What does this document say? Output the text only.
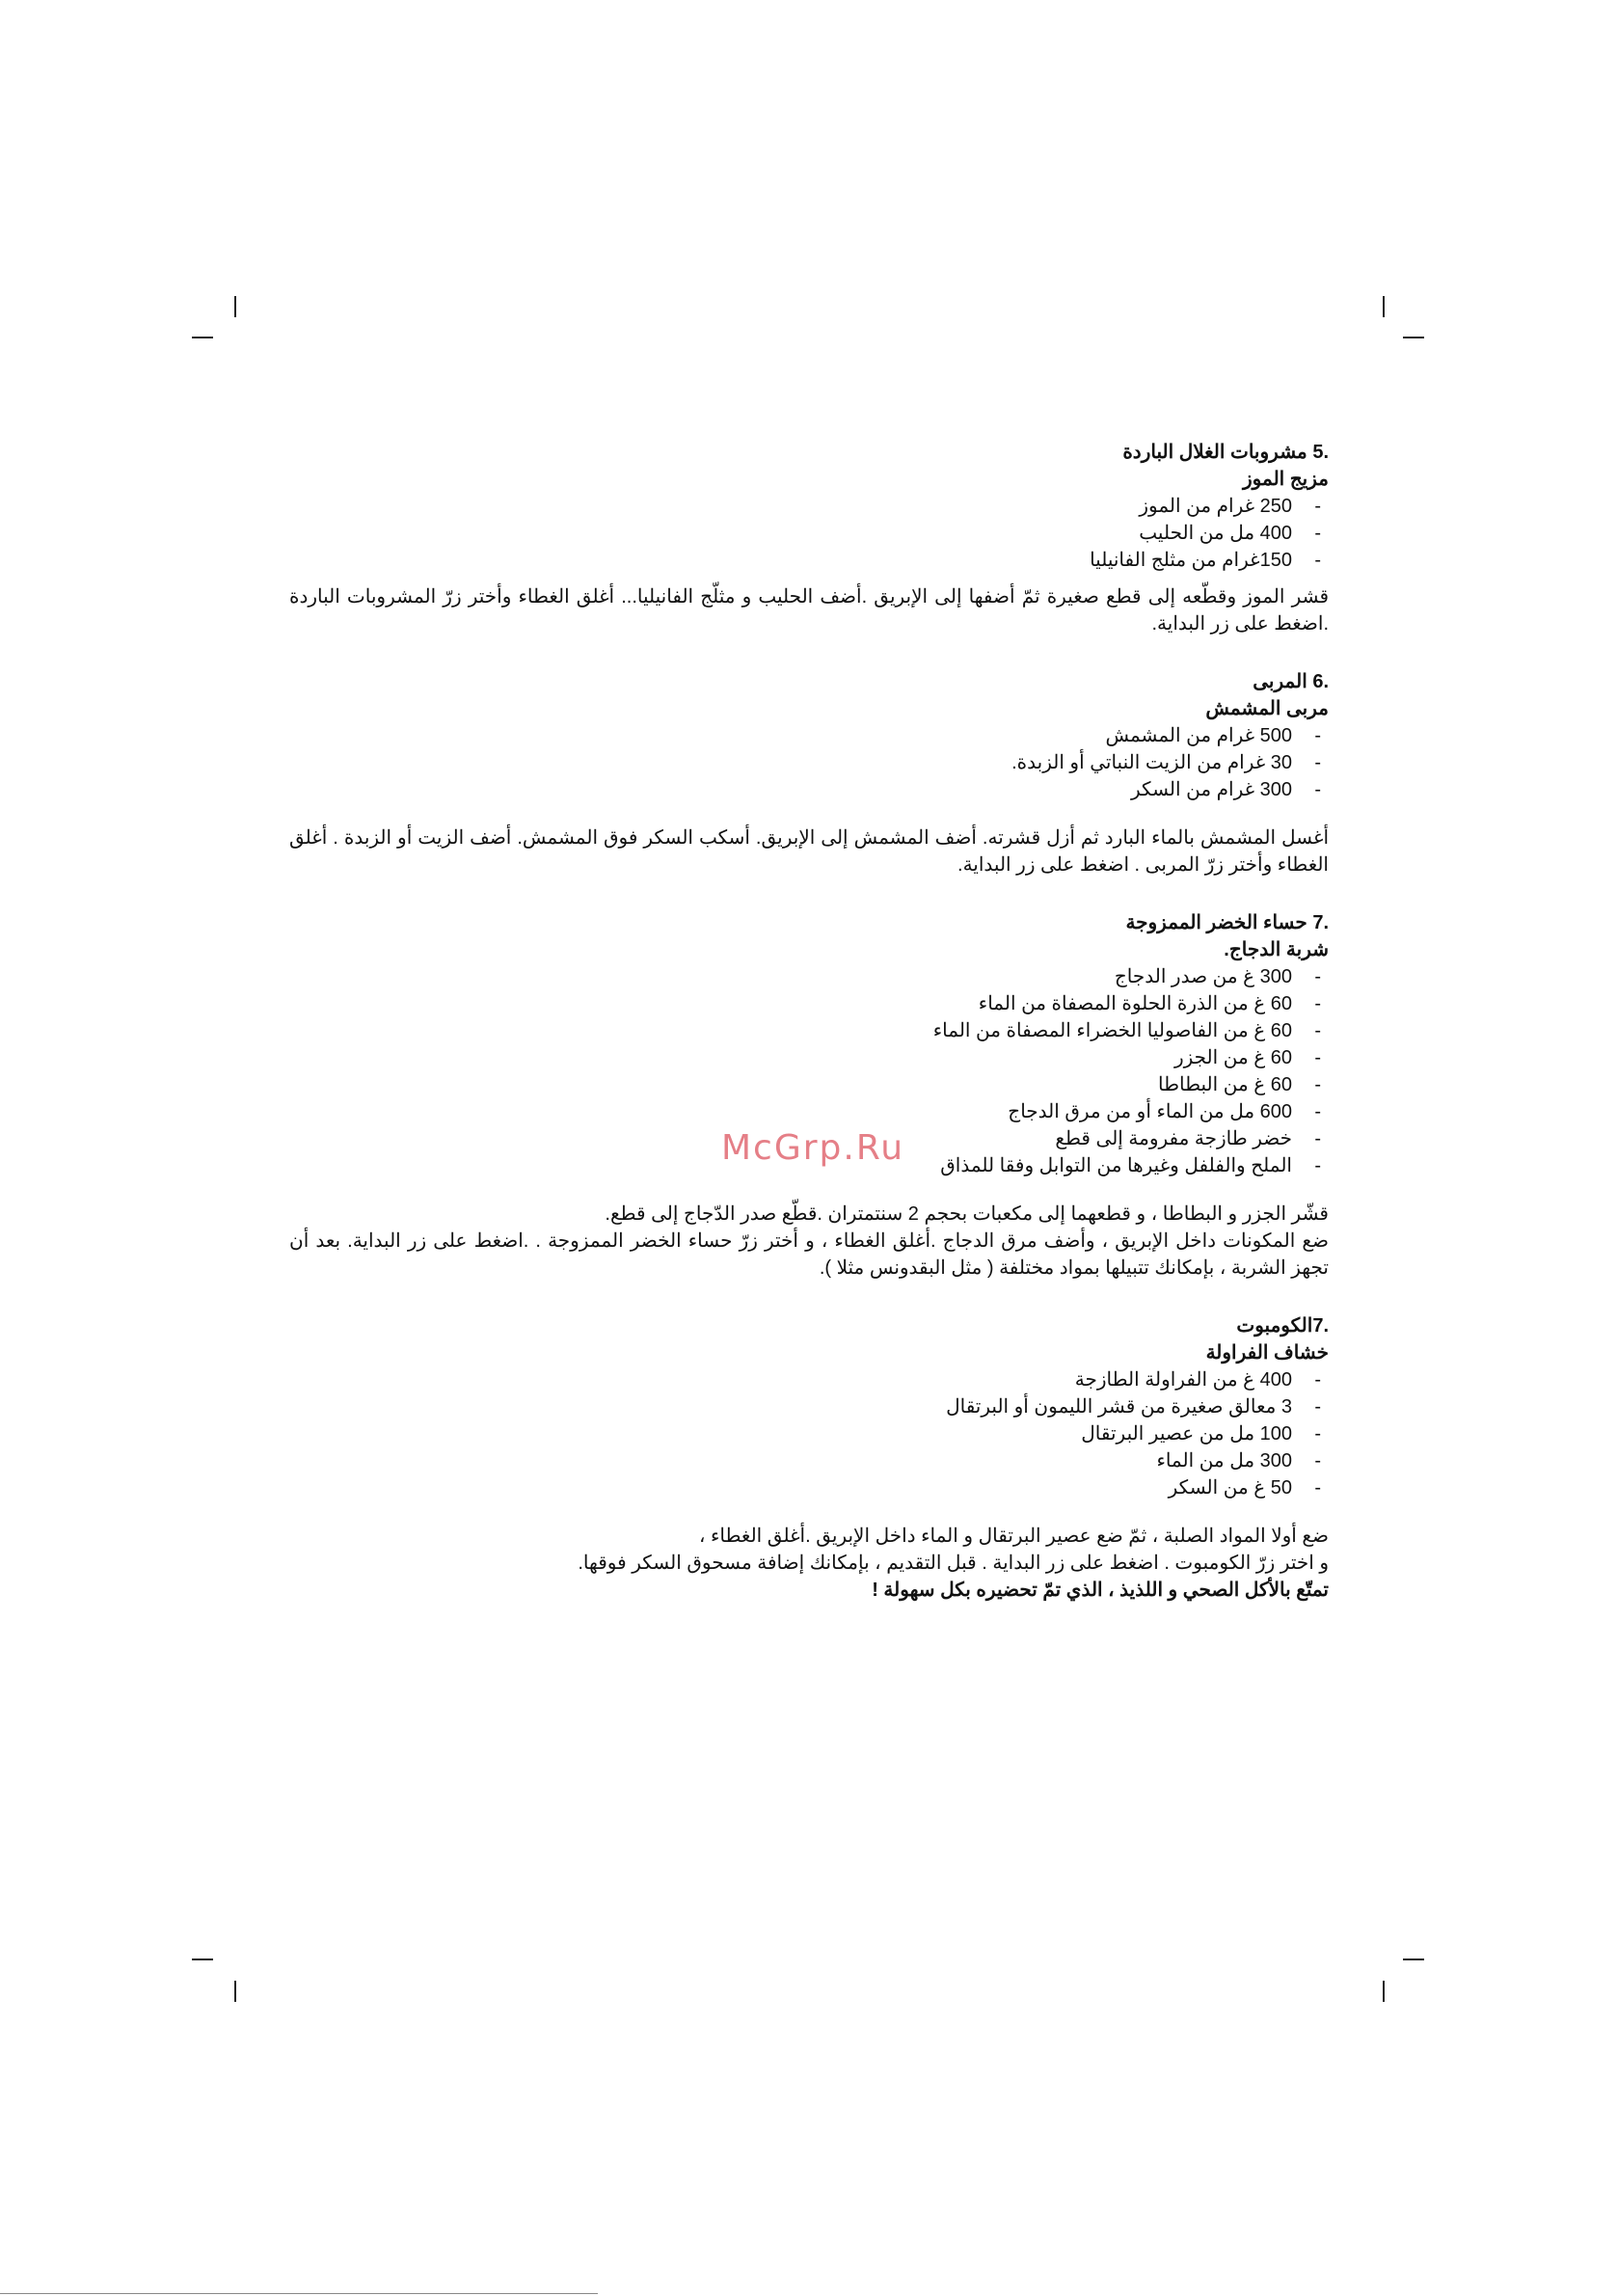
.5 مشروبات الغلال الباردة

مزيج الموز

-250 غرام من الموز

-400 مل من الحليب

-150غرام من مثلج الفانيليا

قشر الموز وقطّعه إلى قطع صغيرة ثمّ أضفها إلى الإبريق .أضف الحليب و مثلّج الفانيليا... أغلق الغطاء وأختر زرّ المشروبات الباردة .اضغط على زر البداية.

.6 المربى

مربى المشمش

-500 غرام من المشمش

-30 غرام من الزيت النباتي أو الزبدة.

-300 غرام من السكر

أغسل المشمش بالماء البارد ثم أزل قشرته. أضف المشمش إلى الإبريق. أسكب السكر فوق المشمش. أضف الزيت أو الزبدة . أغلق الغطاء وأختر زرّ المربى . اضغط على زر البداية.

.7 حساء الخضر الممزوجة

شربة الدجاج.

-300 غ من صدر الدجاج

-60 غ من الذرة الحلوة المصفاة من الماء

-60 غ من الفاصوليا الخضراء المصفاة من الماء

-60 غ من الجزر

-60 غ من البطاطا

-600 مل من الماء أو من مرق الدجاج

-خضر طازجة مفرومة إلى قطع

-الملح والفلفل وغيرها من التوابل وفقا للمذاق

قشّر الجزر و البطاطا ، و قطعهما إلى مكعبات بحجم 2 سنتمتران .قطّع صدر الدّجاج إلى قطع.

ضع المكونات داخل الإبريق ، وأضف مرق الدجاج .أغلق الغطاء ، و أختر زرّ حساء الخضر الممزوجة . .اضغط على زر البداية. بعد أن تجهز الشربة ، بإمكانك تتبيلها بمواد مختلفة ( مثل البقدونس مثلا ).

.7الكومبوت

خشاف الفراولة

-400 غ من الفراولة الطازجة

-3 معالق صغيرة من قشر الليمون أو البرتقال

-100 مل من عصير البرتقال

-300 مل من الماء

-50 غ من السكر

ضع أولا المواد الصلبة ، ثمّ ضع عصير البرتقال و الماء داخل الإبريق .أغلق الغطاء ،

و اختر زرّ الكومبوت . اضغط على زر البداية . قبل التقديم ، بإمكانك إضافة مسحوق السكر فوقها.

تمتّع بالأكل الصحي و اللذيذ ، الذي تمّ تحضيره بكل سهولة !

McGrp.Ru
